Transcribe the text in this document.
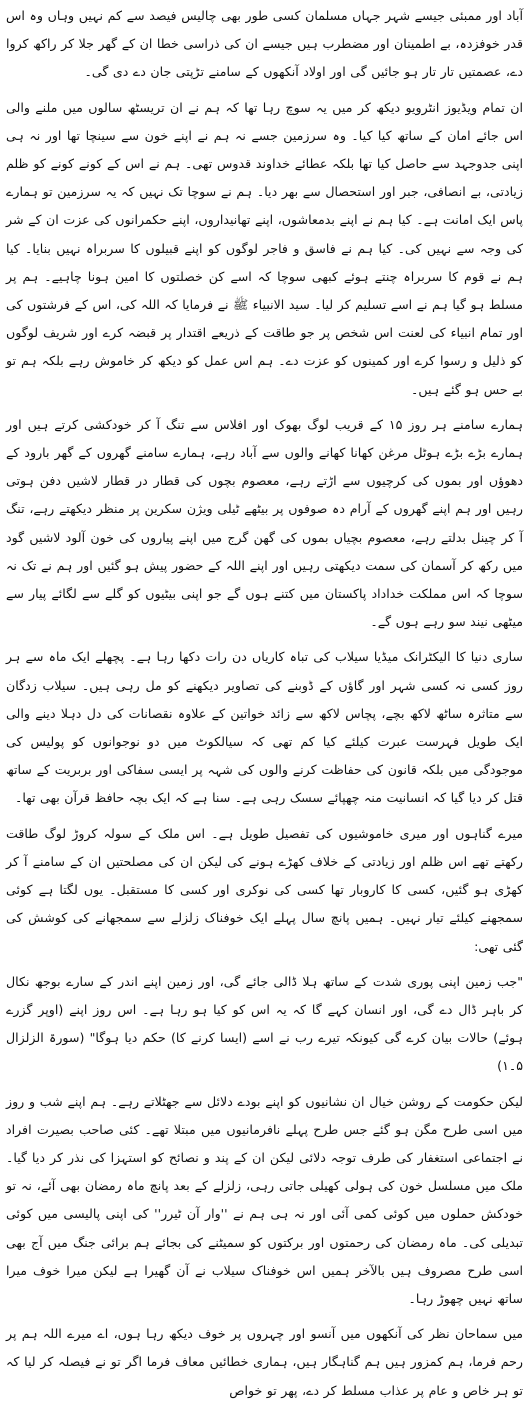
آباد اور ممبئی جیسے شہر جہاں مسلمان کسی طور بھی چالیس فیصد سے کم نہیں وہاں وہ اس قدر خوفزدہ، بے اطمینان اور مضطرب ہیں جیسے ان کی ذراسی خطا ان کے گھر جلا کر راکھ کروا دے، عصمتیں تار تار ہو جائیں گی اور اولاد آنکھوں کے سامنے تڑپتی جان دے دی گی۔

ان تمام ویڈیوز انٹرویو دیکھ کر میں یہ سوچ رہا تھا کہ ہم نے ان تریسٹھ سالوں میں ملنے والی اس جائے امان کے ساتھ کیا کیا۔ وہ سرزمین جسے نہ ہم نے اپنے خون سے سینچا تھا اور نہ ہی اپنی جدوجہد سے حاصل کیا تھا بلکہ عطائے خداوند قدوس تھی۔ ہم نے اس کے کونے کونے کو ظلم زیادتی، بے انصافی، جبر اور استحصال سے بھر دیا۔ ہم نے سوچا تک نہیں کہ یہ سرزمین تو ہمارے پاس ایک امانت ہے۔ کیا ہم نے اپنے بدمعاشوں، اپنے تھانیداروں، اپنے حکمرانوں کی عزت ان کے شر کی وجہ سے نہیں کی۔ کیا ہم نے فاسق و فاجر لوگوں کو اپنے قبیلوں کا سربراہ نہیں بنایا۔ کیا ہم نے قوم کا سربراہ چنتے ہوئے کبھی سوچا کہ اسے کن خصلتوں کا امین ہونا چاہیے۔ ہم پر مسلط ہو گیا ہم نے اسے تسلیم کر لیا۔ سید الانبیاء ﷺ نے فرمایا کہ اللہ کی، اس کے فرشتوں کی اور تمام انبیاء کی لعنت اس شخص پر جو طاقت کے ذریعے اقتدار پر قبضہ کرے اور شریف لوگوں کو ذلیل و رسوا کرے اور کمینوں کو عزت دے۔ ہم اس عمل کو دیکھ کر خاموش رہے بلکہ ہم تو بے حس ہو گئے ہیں۔

ہمارے سامنے ہر روز ۱۵ کے قریب لوگ بھوک اور افلاس سے تنگ آ کر خودکشی کرتے ہیں اور ہمارے بڑے بڑے ہوٹل مرغن کھانا کھانے والوں سے آباد رہے، ہمارے سامنے گھروں کے گھر بارود کے دھوؤں اور بموں کی کرچیوں سے اڑتے رہے، معصوم بچوں کی قطار در قطار لاشیں دفن ہوتی رہیں اور ہم اپنے گھروں کے آرام دہ صوفوں پر بیٹھے ٹیلی ویژن سکرین پر منظر دیکھتے رہے، تنگ آ کر چینل بدلتے رہے، معصوم بچیاں بموں کی گھن گرج میں اپنے پیاروں کی خون آلود لاشیں گود میں رکھ کر آسمان کی سمت دیکھتی رہیں اور اپنے اللہ کے حضور پیش ہو گئیں اور ہم نے تک نہ سوچا کہ اس مملکت خداداد پاکستان میں کتنے ہوں گے جو اپنی بیٹیوں کو گلے سے لگائے پیار سے میٹھی نیند سو رہے ہوں گے۔

ساری دنیا کا الیکٹرانک میڈیا سیلاب کی تباہ کاریاں دن رات دکھا رہا ہے۔ پچھلے ایک ماہ سے ہر روز کسی نہ کسی شہر اور گاؤں کے ڈوبنے کی تصاویر دیکھنے کو مل رہی ہیں۔ سیلاب زدگان سے متاثرہ ساٹھ لاکھ بچے، پچاس لاکھ سے زائد خواتین کے علاوہ نقصانات کی دل دہلا دینے والی ایک طویل فہرست عبرت کیلئے کیا کم تھی کہ سیالکوٹ میں دو نوجوانوں کو پولیس کی موجودگی میں بلکہ قانون کی حفاظت کرنے والوں کی شہہ پر ایسی سفاکی اور بربریت کے ساتھ قتل کر دیا گیا کہ انسانیت منہ چھپائے سسک رہی ہے۔ سنا ہے کہ ایک بچہ حافظ قرآن بھی تھا۔

میرے گناہوں اور میری خاموشیوں کی تفصیل طویل ہے۔ اس ملک کے سولہ کروڑ لوگ طاقت رکھتے تھے اس ظلم اور زیادتی کے خلاف کھڑے ہونے کی لیکن ان کی مصلحتیں ان کے سامنے آ کر کھڑی ہو گئیں، کسی کا کاروبار تھا کسی کی نوکری اور کسی کا مستقبل۔ یوں لگتا ہے کوئی سمجھنے کیلئے تیار نہیں۔ ہمیں پانچ سال پہلے ایک خوفناک زلزلے سے سمجھانے کی کوشش کی گئی تھی:

"جب زمین اپنی پوری شدت کے ساتھ ہلا ڈالی جائے گی، اور زمین اپنے اندر کے سارے بوجھ نکال کر باہر ڈال دے گی، اور انسان کہے گا کہ یہ اس کو کیا ہو رہا ہے۔ اس روز اپنے (اوپر گزرے ہوئے) حالات بیان کرے گی کیونکہ تیرے رب نے اسے (ایسا کرنے کا) حکم دیا ہوگا" (سورۃ الزلزال ۵۔۱)

لیکن حکومت کے روشن خیال ان نشانیوں کو اپنے بودے دلائل سے جھٹلاتے رہے۔ ہم اپنے شب و روز میں اسی طرح مگن ہو گئے جس طرح پہلے نافرمانیوں میں مبتلا تھے۔ کئی صاحب بصیرت افراد نے اجتماعی استغفار کی طرف توجہ دلائی لیکن ان کے پند و نصائح کو استہزا کی نذر کر دیا گیا۔ ملک میں مسلسل خون کی ہولی کھیلی جاتی رہی، زلزلے کے بعد پانچ ماہ رمضان بھی آئے، نہ تو خودکش حملوں میں کوئی کمی آئی اور نہ ہی ہم نے ''وار آن ٹیرر'' کی اپنی پالیسی میں کوئی تبدیلی کی۔ ماہ رمضان کی رحمتوں اور برکتوں کو سمیٹنے کی بجائے ہم برائی جنگ میں آج بھی اسی طرح مصروف ہیں بالآخر ہمیں اس خوفناک سیلاب نے آن گھیرا ہے لیکن میرا خوف میرا ساتھ نہیں چھوڑ رہا۔

میں سماحان نظر کی آنکھوں میں آنسو اور چہروں پر خوف دیکھ رہا ہوں، اے میرے اللہ ہم پر رحم فرما، ہم کمزور ہیں ہم گناہگار ہیں، ہماری خطائیں معاف فرما اگر تو نے فیصلہ کر لیا کہ تو ہر خاص و عام پر عذاب مسلط کر دے، پھر تو خواص
